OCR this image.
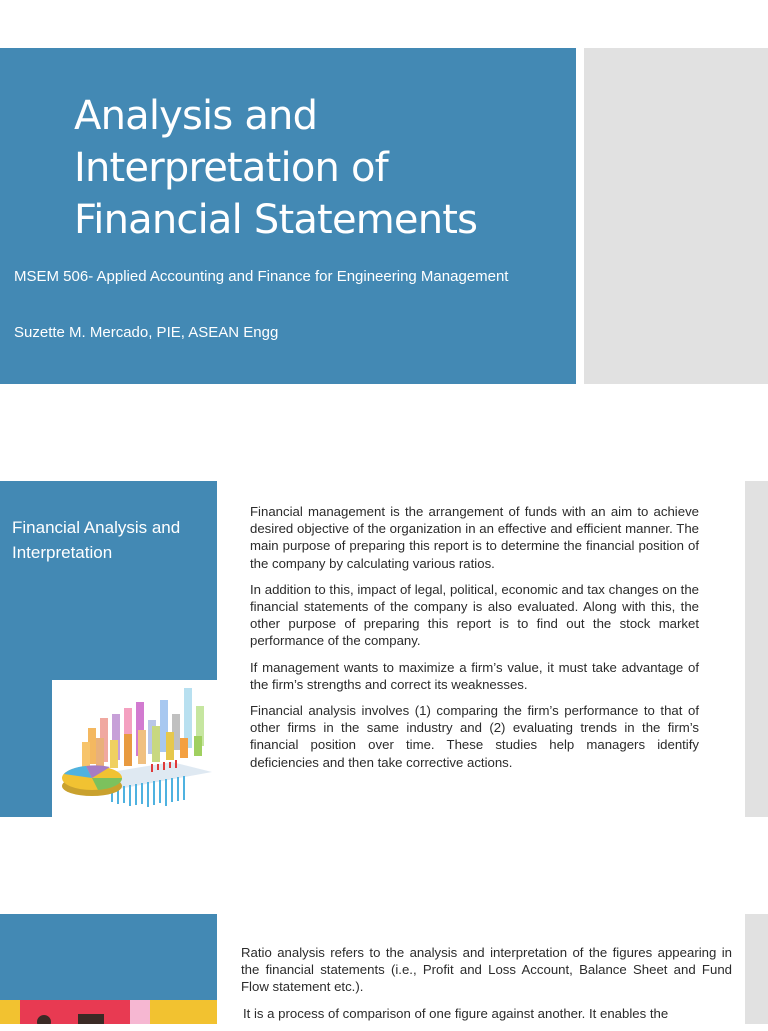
Analysis and
Interpretation of
Financial Statements
MSEM 506- Applied Accounting and Finance for Engineering Management
Suzette M. Mercado, PIE, ASEAN Engg
Financial Analysis and Interpretation

Financial management is the arrangement of funds with an aim to achieve desired objective of the organization in an effective and efficient manner. The main purpose of preparing this report is to determine the financial position of the company by calculating various ratios.

In addition to this, impact of legal, political, economic and tax changes on the financial statements of the company is also evaluated. Along with this, the other purpose of preparing this report is to find out the stock market performance of the company.

If management wants to maximize a firm’s value, it must take advantage of the firm’s strengths and correct its weaknesses.

Financial analysis involves (1) comparing the firm’s performance to that of other firms in the same industry and (2) evaluating trends in the firm’s financial position over time. These studies help managers identify deficiencies and then take corrective actions.

Ratio analysis refers to the analysis and interpretation of the figures appearing in the financial statements (i.e., Profit and Loss Account, Balance Sheet and Fund Flow statement etc.).

It is a process of comparison of one figure against another. It enables the
